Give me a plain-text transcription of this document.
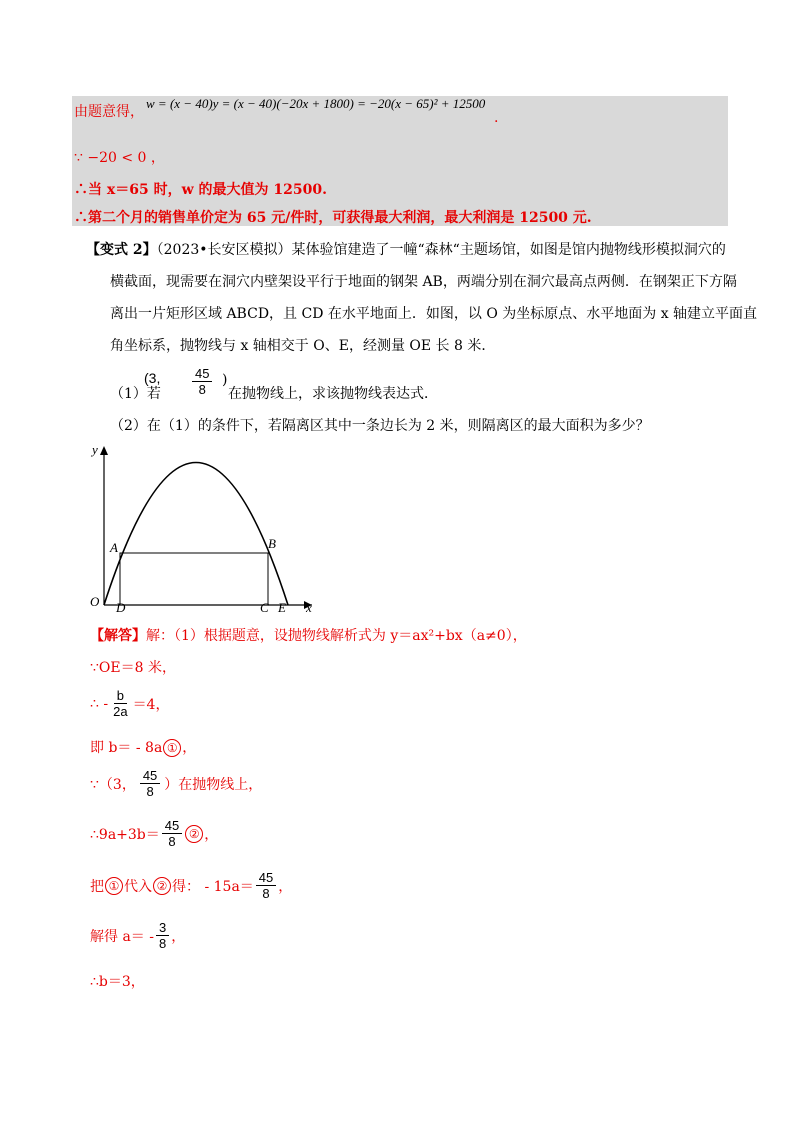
由题意得，
w = (x − 40)y = (x − 40)(−20x + 1800) = −20(x − 65)² + 12500
.
∵ −20 < 0 ，
∴当 x＝65 时，w 的最大值为 12500.
∴第二个月的销售单价定为 65 元/件时，可获得最大利润，最大利润是 12500 元.
【变式 2】（2023•长安区模拟）某体验馆建造了一幢“森林“主题场馆，如图是馆内抛物线形模拟洞穴的
横截面，现需要在洞穴内壁架设平行于地面的钢架 AB，两端分别在洞穴最高点两侧．在钢架正下方隔
离出一片矩形区域 ABCD，且 CD 在水平地面上．如图，以 O 为坐标原点、水平地面为 x 轴建立平面直
角坐标系，抛物线与 x 轴相交于 O、E，经测量 OE 长 8 米．
（1）若
(3, $\frac{45}{8}$ )
在抛物线上，求该抛物线表达式．
（2）在（1）的条件下，若隔离区其中一条边长为 2 米，则隔离区的最大面积为多少？
y
x
O
A	B
C
D	E
【解答】解：（1）根据题意，设抛物线解析式为 y＝ax²+bx（a≠0），
∵OE＝8 米，
∴ - $\frac{b}{2a} =4$，
即 b＝ - 8a ① ，
∵（3， $\frac{45}{8}$ ）在抛物线上，
∴9a+3b＝ $\frac{45}{8}$ ② ，
把 ① 代入 ② 得： - $15a= \frac{45}{8}$ ，
解得 $a= - \frac{3}{8}$ ，
∴b＝3，
